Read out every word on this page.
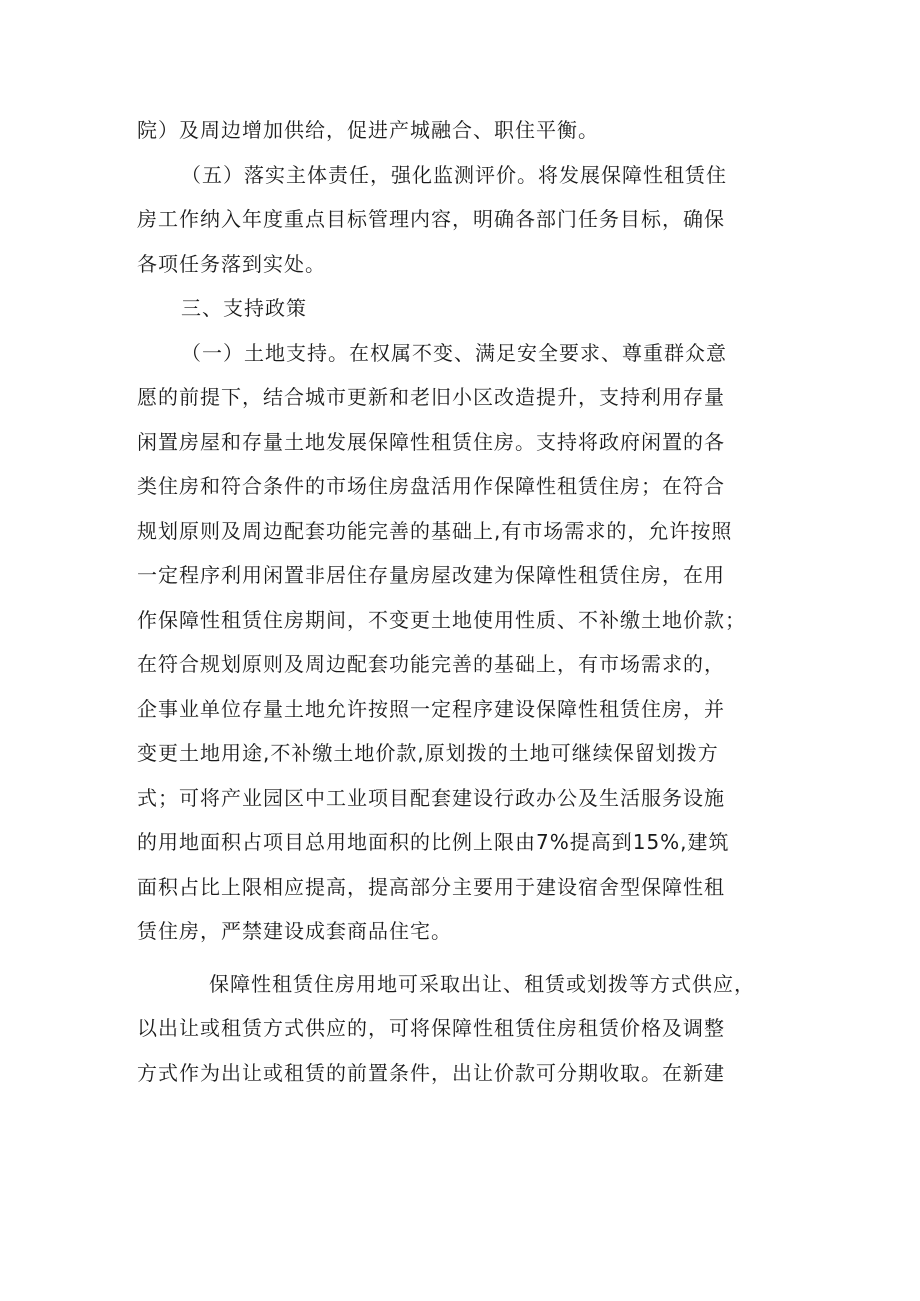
院）及周边增加供给，促进产城融合、职住平衡。
（五）落实主体责任，强化监测评价。将发展保障性租赁住
房工作纳入年度重点目标管理内容，明确各部门任务目标，确保
各项任务落到实处。
三、支持政策
（一）土地支持。在权属不变、满足安全要求、尊重群众意
愿的前提下，结合城市更新和老旧小区改造提升，支持利用存量
闲置房屋和存量土地发展保障性租赁住房。支持将政府闲置的各
类住房和符合条件的市场住房盘活用作保障性租赁住房；在符合
规划原则及周边配套功能完善的基础上,有市场需求的，允许按照
一定程序利用闲置非居住存量房屋改建为保障性租赁住房，在用
作保障性租赁住房期间，不变更土地使用性质、不补缴土地价款；
在符合规划原则及周边配套功能完善的基础上，有市场需求的，
企事业单位存量土地允许按照一定程序建设保障性租赁住房，并
变更土地用途,不补缴土地价款,原划拨的土地可继续保留划拨方
式；可将产业园区中工业项目配套建设行政办公及生活服务设施
的用地面积占项目总用地面积的比例上限由7%提高到15%,建筑
面积占比上限相应提高，提高部分主要用于建设宿舍型保障性租
赁住房，严禁建设成套商品住宅。
保障性租赁住房用地可采取出让、租赁或划拨等方式供应，
以出让或租赁方式供应的，可将保障性租赁住房租赁价格及调整
方式作为出让或租赁的前置条件，出让价款可分期收取。在新建
